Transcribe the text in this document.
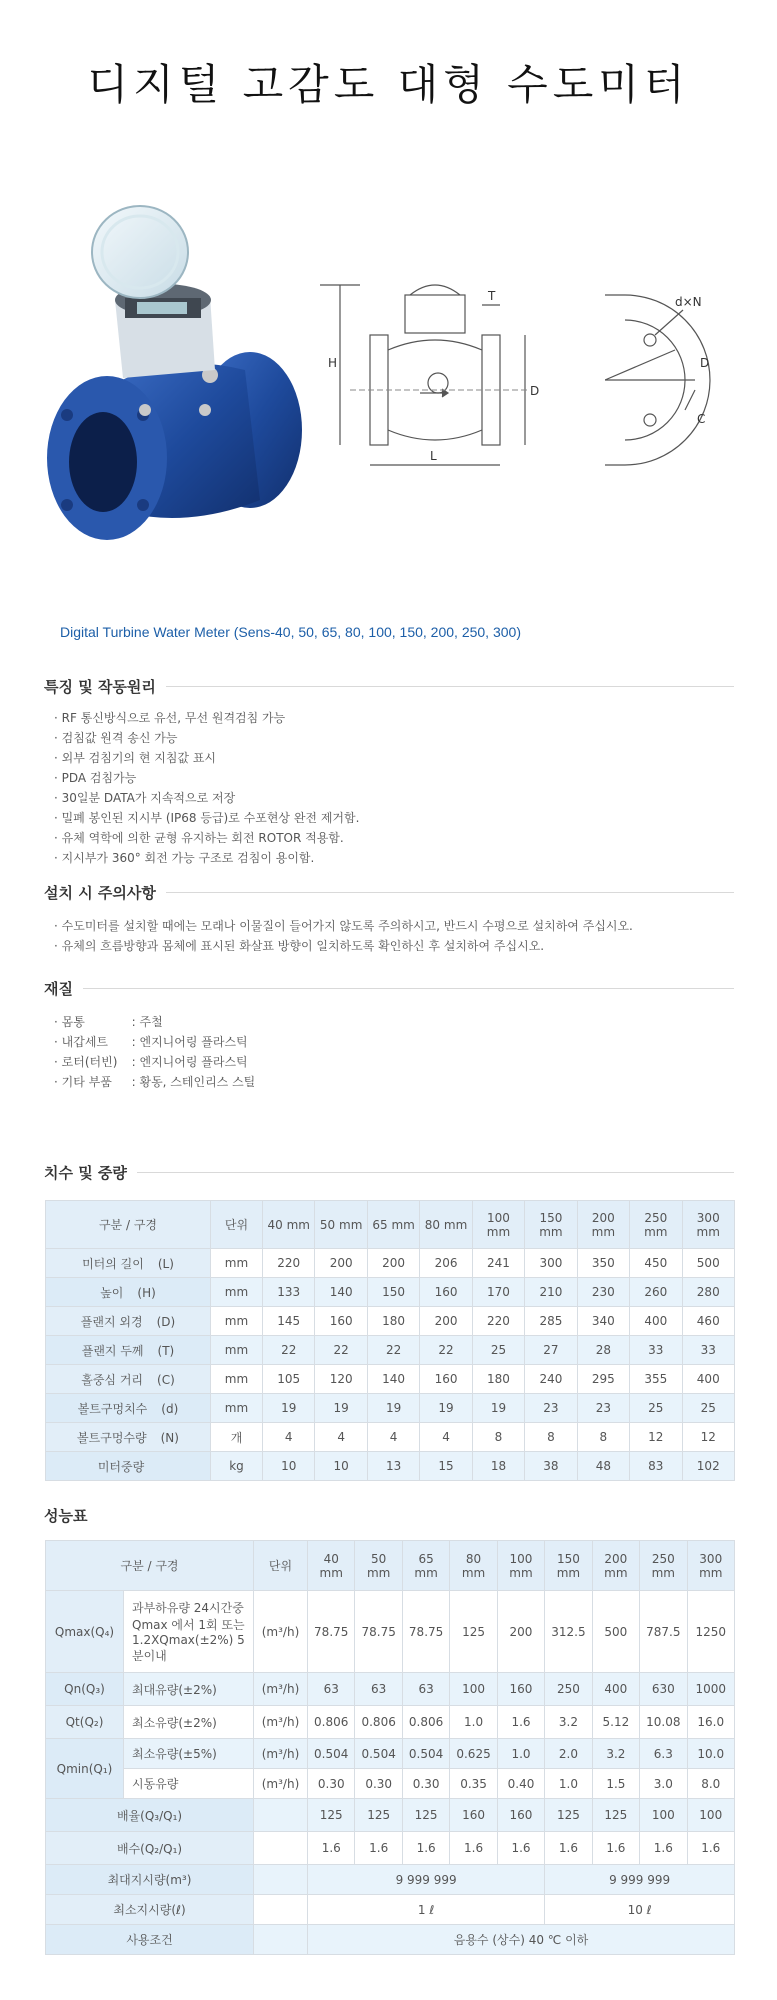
디지털 고감도 대형 수도미터
H
T
D
L
d×N
D
C
Digital Turbine Water Meter (Sens-40, 50, 65, 80, 100, 150, 200, 250, 300)
특징 및 작동원리
· RF 통신방식으로 유선, 무선 원격검침 가능
· 검침값 원격 송신 가능
· 외부 검침기의 현 지침값 표시
· PDA 검침가능
· 30일분 DATA가 지속적으로 저장
· 밀폐 봉인된 지시부 (IP68 등급)로 수포현상 완전 제거함.
· 유체 역학에 의한 균형 유지하는 회전 ROTOR 적용함.
· 지시부가 360° 회전 가능 구조로 검침이 용이함.
설치 시 주의사항
· 수도미터를 설치할 때에는 모래나 이물질이 들어가지 않도록 주의하시고, 반드시 수평으로 설치하여 주십시오.
· 유체의 흐름방향과 몸체에 표시된 화살표 방향이 일치하도록 확인하신 후 설치하여 주십시오.
재질
· 몸통	: 주철
· 내갑세트 : 엔지니어링 플라스틱
· 로터(터빈) : 엔지니어링 플라스틱
· 기타 부품 : 황동, 스테인리스 스틸
치수 및 중량
구분 / 구경	단위	40 mm	50 mm	65 mm	80 mm	100 mm	150 mm	200 mm	250 mm	300 mm
미터의 길이 (L)	mm	220	200	200	206	241	300	350	450	500
높이 (H)	mm	133	140	150	160	170	210	230	260	280
플랜지 외경 (D)	mm	145	160	180	200	220	285	340	400	460
플랜지 두께 (T)	mm	22	22	22	22	25	27	28	33	33
홀중심 거리 (C)	mm	105	120	140	160	180	240	295	355	400
볼트구멍치수 (d)	mm	19	19	19	19	19	23	23	25	25
볼트구멍수량 (N)	개	4	4	4	4	8	8	8	12	12
미터중량	kg	10	10	13	15	18	38	48	83	102
성능표
구분 / 구경		단위	40 mm	50 mm	65 mm	80 mm	100 mm	150 mm	200 mm	250 mm	300 mm
Qmax(Q₄)	과부하유량 24시간중 Qmax 에서 1회 또는 1.2XQmax(±2%) 5분이내	(m³/h)	78.75	78.75	78.75	125	200	312.5	500	787.5	1250
Qn(Q₃)	최대유량(±2%)	(m³/h)	63	63	63	100	160	250	400	630	1000
Qt(Q₂)	최소유량(±2%)	(m³/h)	0.806	0.806	0.806	1.0	1.6	3.2	5.12	10.08	16.0
Qmin(Q₁)	최소유량(±5%)	(m³/h)	0.504	0.504	0.504	0.625	1.0	2.0	3.2	6.3	10.0
	시동유량	(m³/h)	0.30	0.30	0.30	0.35	0.40	1.0	1.5	3.0	8.0
배율(Q₃/Q₁)			125	125	125	160	160	125	125	100	100
배수(Q₂/Q₁)			1.6	1.6	1.6	1.6	1.6	1.6	1.6	1.6	1.6
최대지시량(m³)			9 999 999					9 999 999			
최소지시량(ℓ)			1 ℓ					10 ℓ			
사용조건			음용수 (상수) 40 ℃ 이하								
